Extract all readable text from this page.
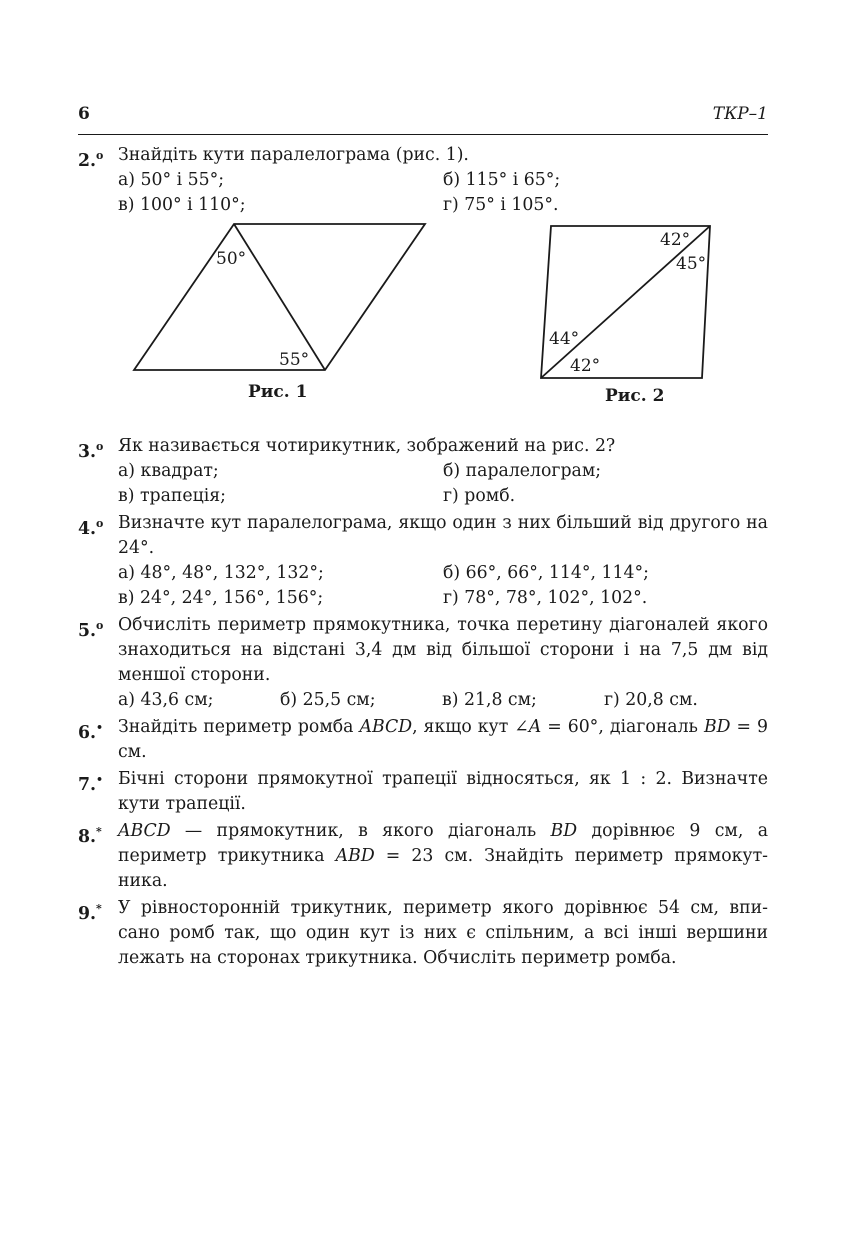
6	ТКР–1
2.$^о$ Знайдіть кути паралелограма (рис. 1).
а) 50° і 55°;	б) 115° і 65°;
в) 100° і 110°;	г) 75° і 105°.
50°
55°
42°
45°
44°
42°
Рис. 1	Рис. 2
3.$^о$ Як називається чотирикутник, зображений на рис. 2?
а) квадрат;	б) паралелограм;
в) трапеція;	г) ромб.
4.$^о$ Визначте кут паралелограма, якщо один з них більший від другого на 24°.
а) 48°, 48°, 132°, 132°;	б) 66°, 66°, 114°, 114°;
в) 24°, 24°, 156°, 156°;	г) 78°, 78°, 102°, 102°.
5.$^о$ Обчисліть периметр прямокутника, точка перетину діагоналей якого знаходиться на відстані 3,4 дм від більшої сторони і на 7,5 дм від меншої сторони.
а) 43,6 см;	б) 25,5 см;	в) 21,8 см;	г) 20,8 см.
6.• Знайдіть периметр ромба ABCD, якщо кут ∠A = 60°, діагональ BD = 9 см.
7.• Бічні сторони прямокутної трапеції відносяться, як 1 : 2. Визначте кути трапеції.
8.* ABCD — прямокутник, в якого діагональ BD дорівнює 9 см, а периметр трикутника ABD = 23 см. Знайдіть периметр прямокут-ника.
9.* У рівносторонній трикутник, периметр якого дорівнює 54 см, впи-сано ромб так, що один кут із них є спільним, а всі інші вершини лежать на сторонах трикутника. Обчисліть периметр ромба.
